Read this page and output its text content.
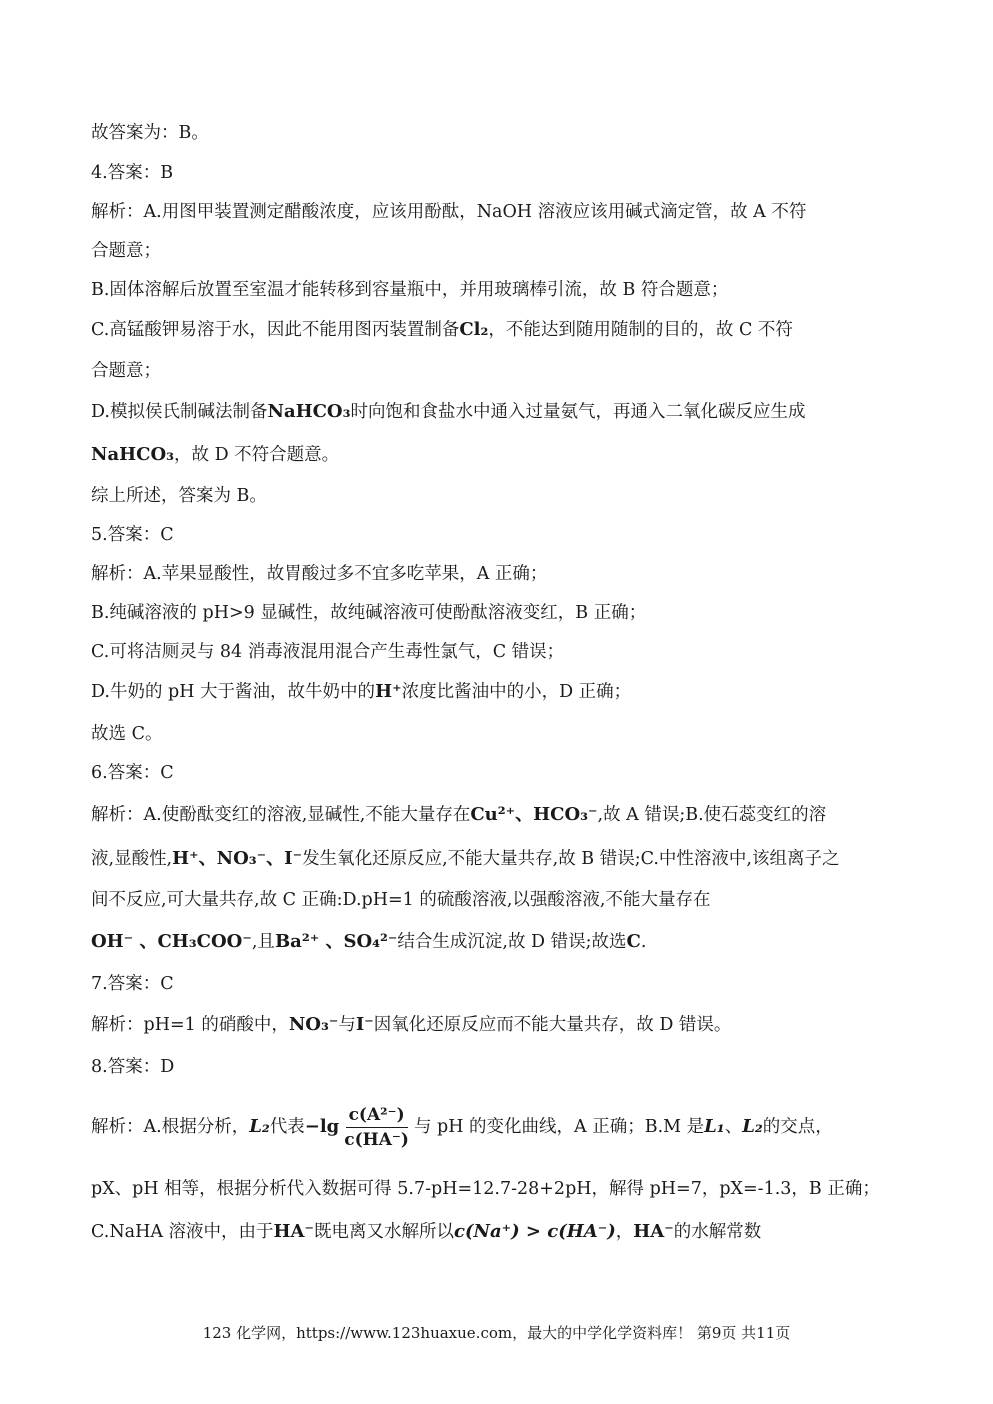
故答案为：B。
4.答案：B
解析：A.用图甲装置测定醋酸浓度，应该用酚酞，NaOH 溶液应该用碱式滴定管，故 A 不符
合题意；
B.固体溶解后放置至室温才能转移到容量瓶中，并用玻璃棒引流，故 B 符合题意；
C.高锰酸钾易溶于水，因此不能用图丙装置制备Cl₂，不能达到随用随制的目的，故 C 不符
合题意；
D.模拟侯氏制碱法制备NaHCO₃时向饱和食盐水中通入过量氨气，再通入二氧化碳反应生成
NaHCO₃，故 D 不符合题意。
综上所述，答案为 B。
5.答案：C
解析：A.苹果显酸性，故胃酸过多不宜多吃苹果，A 正确；
B.纯碱溶液的 pH>9 显碱性，故纯碱溶液可使酚酞溶液变红，B 正确；
C.可将洁厕灵与 84 消毒液混用混合产生毒性氯气，C 错误；
D.牛奶的 pH 大于酱油，故牛奶中的H⁺浓度比酱油中的小，D 正确；
故选 C。
6.答案：C
解析：A.使酚酞变红的溶液,显碱性,不能大量存在Cu²⁺、HCO₃⁻,故 A 错误;B.使石蕊变红的溶
液,显酸性,H⁺、NO₃⁻、I⁻发生氧化还原反应,不能大量共存,故 B 错误;C.中性溶液中,该组离子之
间不反应,可大量共存,故 C 正确:D.pH=1 的硫酸溶液,以强酸溶液,不能大量存在
OH⁻ 、CH₃COO⁻,且Ba²⁺ 、SO₄²⁻结合生成沉淀,故 D 错误;故选C.
7.答案：C
解析：pH=1 的硝酸中，NO₃⁻与I⁻因氧化还原反应而不能大量共存，故 D 错误。
8.答案：D
解析：A.根据分析，L₂代表$-\lg \frac{\text{c(A²⁻)}}{c(HA^-)}$ 与 pH 的变化曲线，A 正确；B.M 是L₁、L₂的交点，
pX、pH 相等，根据分析代入数据可得 5.7-pH=12.7-28+2pH，解得 pH=7，pX=-1.3，B 正确；
C.NaHA 溶液中，由于HA⁻既电离又水解所以c(Na⁺) > c(HA⁻)，HA⁻的水解常数
123 化学网，https://www.123huaxue.com，最大的中学化学资料库！ 第9页 共11页
